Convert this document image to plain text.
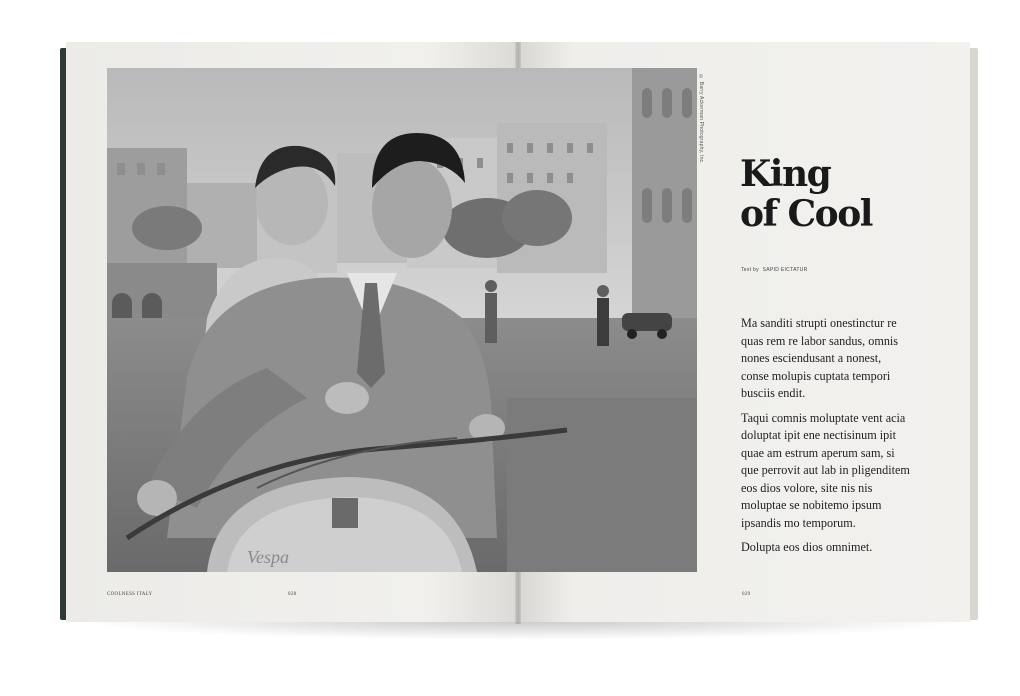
Vespa
© Barry Ackerman Photography, Inc.
King
of Cool
Text by SAPID EICTATUR

Ma sanditi strupti onestinctur re quas rem re labor sandus, omnis nones esciendusant a nonest, conse molupis cuptata tempori busciis endit.

Taqui comnis moluptate vent acia doluptat ipit ene nectisinum ipit quae am estrum aperum sam, si que perrovit aut lab in pligenditem eos dios volore, site nis nis moluptae se nobitemo ipsum ipsandis mo temporum.

Dolupta eos dios omnimet.

COOLNESS ITALY	028	029
